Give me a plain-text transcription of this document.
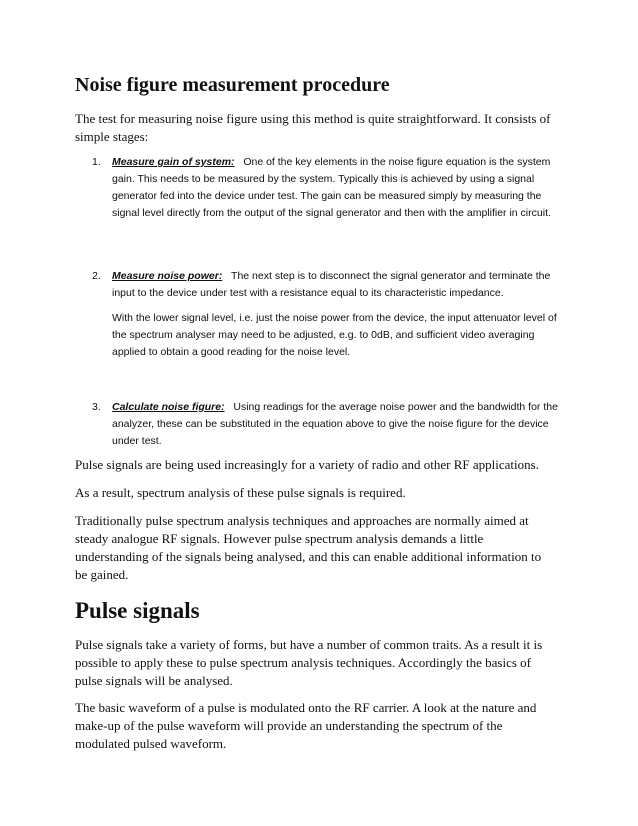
Noise figure measurement procedure

The test for measuring noise figure using this method is quite straightforward. It consists of simple stages:

1. Measure gain of system: One of the key elements in the noise figure equation is the system gain. This needs to be measured by the system. Typically this is achieved by using a signal generator fed into the device under test. The gain can be measured simply by measuring the signal level directly from the output of the signal generator and then with the amplifier in circuit.
2. Measure noise power: The next step is to disconnect the signal generator and terminate the input to the device under test with a resistance equal to its characteristic impedance.

With the lower signal level, i.e. just the noise power from the device, the input attenuator level of the spectrum analyser may need to be adjusted, e.g. to 0dB, and sufficient video averaging applied to obtain a good reading for the noise level.

3. Calculate noise figure: Using readings for the average noise power and the bandwidth for the analyzer, these can be substituted in the equation above to give the noise figure for the device under test.

Pulse signals are being used increasingly for a variety of radio and other RF applications.

As a result, spectrum analysis of these pulse signals is required.

Traditionally pulse spectrum analysis techniques and approaches are normally aimed at steady analogue RF signals. However pulse spectrum analysis demands a little understanding of the signals being analysed, and this can enable additional information to be gained.

Pulse signals

Pulse signals take a variety of forms, but have a number of common traits. As a result it is possible to apply these to pulse spectrum analysis techniques. Accordingly the basics of pulse signals will be analysed.

The basic waveform of a pulse is modulated onto the RF carrier. A look at the nature and make-up of the pulse waveform will provide an understanding the spectrum of the modulated pulsed waveform.
